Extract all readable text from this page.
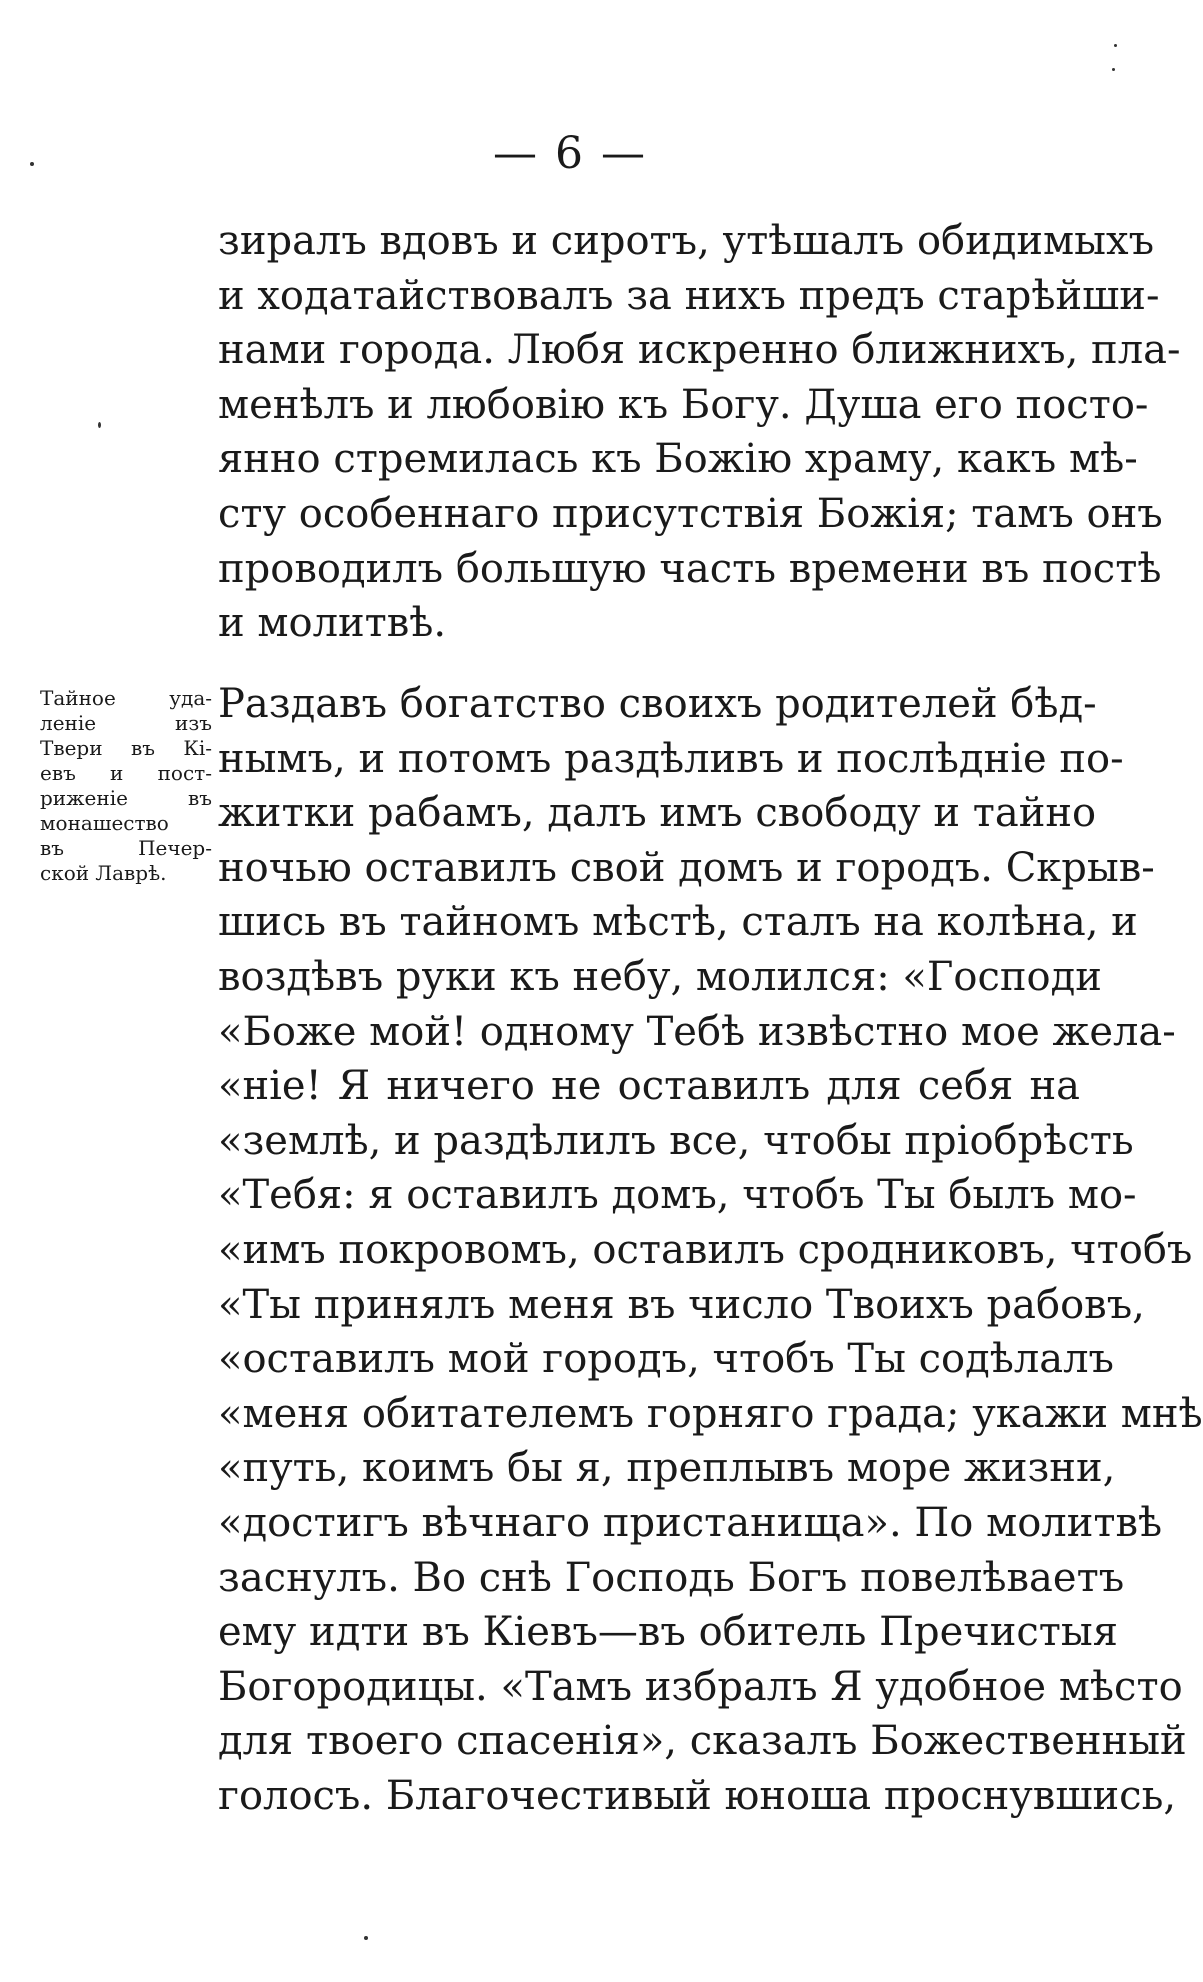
— 6 —
зиралъ вдовъ и сиротъ, утѣшалъ обидимыхъ
и ходатайствовалъ за нихъ предъ старѣйши-
нами города. Любя искренно ближнихъ, пла-
менѣлъ и любовію къ Богу. Душа его посто-
янно стремилась къ Божію храму, какъ мѣ-
сту особеннаго присутствія Божія; тамъ онъ
проводилъ большую часть времени въ постѣ
и молитвѣ.
Тайное уда-
леніе изъ
Твери въ Кі-
евъ и пост-
риженіе въ
монашество
въ Печер-
ской Лаврѣ.
Раздавъ богатство своихъ родителей бѣд-
нымъ, и потомъ раздѣливъ и послѣдніе по-
житки рабамъ, далъ имъ свободу и тайно
ночью оставилъ свой домъ и городъ. Скрыв-
шись въ тайномъ мѣстѣ, сталъ на колѣна, и
воздѣвъ руки къ небу, молился: «Господи
«Боже мой! одному Тебѣ извѣстно мое жела-
«ніе! Я ничего не оставилъ для себя на
«землѣ, и раздѣлилъ все, чтобы пріобрѣсть
«Тебя: я оставилъ домъ, чтобъ Ты былъ мо-
«имъ покровомъ, оставилъ сродниковъ, чтобъ
«Ты принялъ меня въ число Твоихъ рабовъ,
«оставилъ мой городъ, чтобъ Ты содѣлалъ
«меня обитателемъ горняго града; укажи мнѣ
«путь, коимъ бы я, преплывъ море жизни,
«достигъ вѣчнаго пристанища». По молитвѣ
заснулъ. Во снѣ Господь Богъ повелѣваетъ
ему идти въ Кіевъ—въ обитель Пречистыя
Богородицы. «Тамъ избралъ Я удобное мѣсто
для твоего спасенія», сказалъ Божественный
голосъ. Благочестивый юноша проснувшись,
